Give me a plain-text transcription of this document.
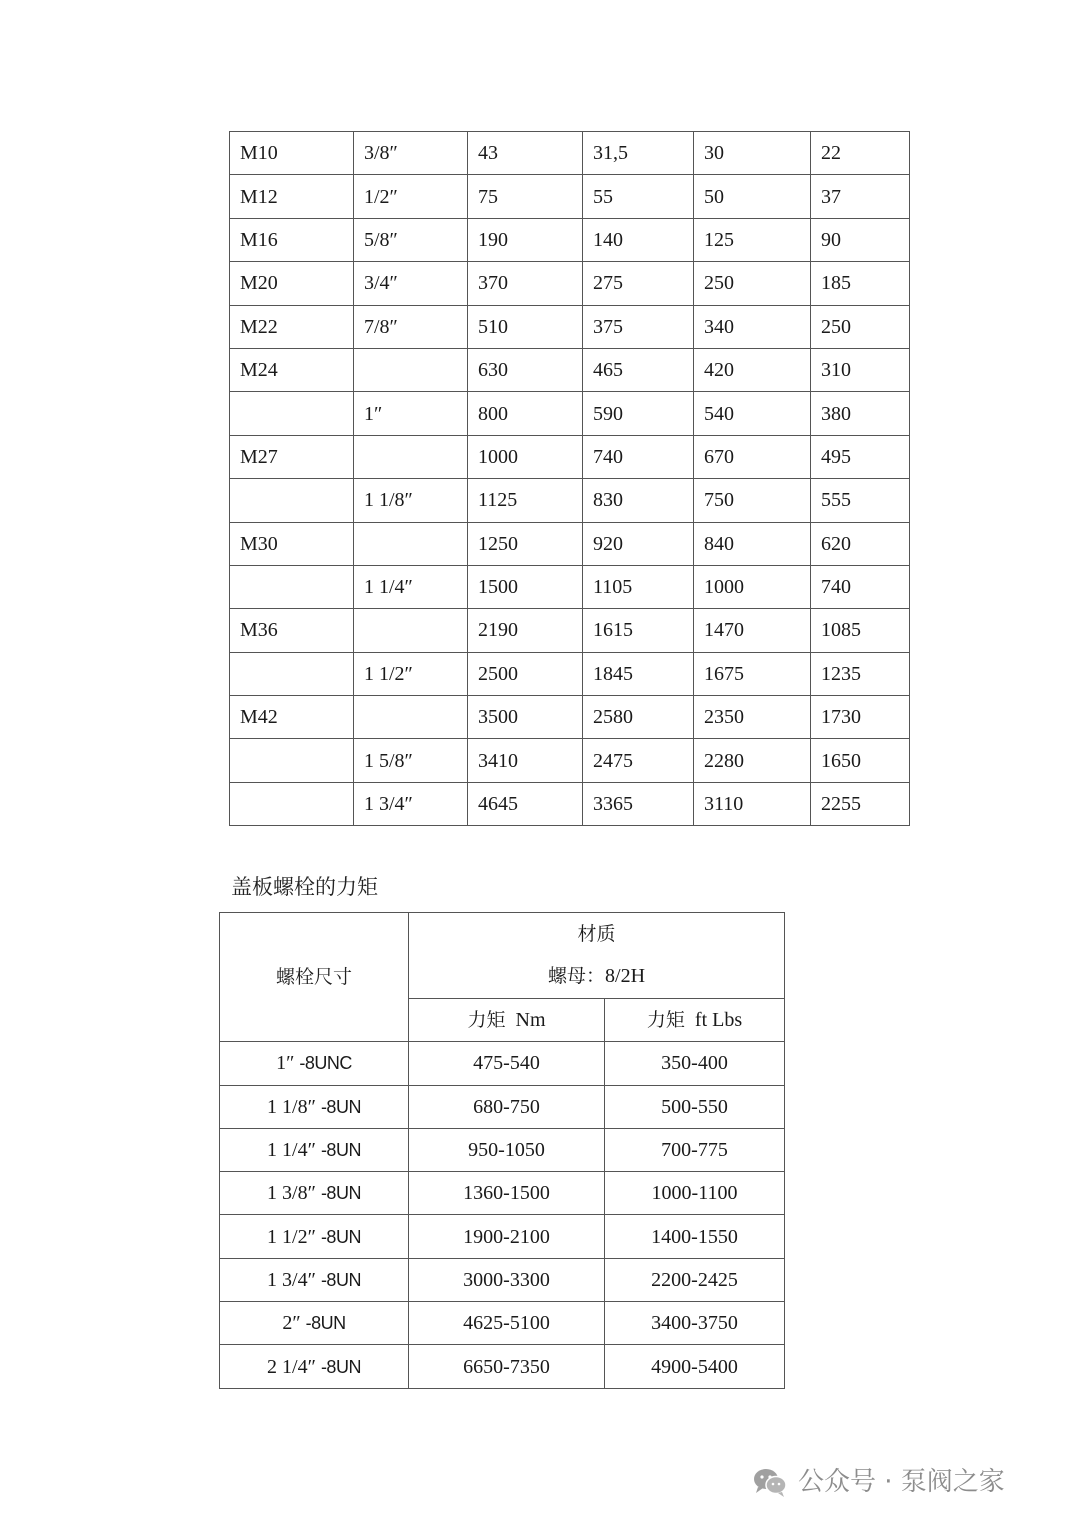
M10	3/8″	43	31,5	30	22
M12	1/2″	75	55	50	37
M16	5/8″	190	140	125	90
M20	3/4″	370	275	250	185
M22	7/8″	510	375	340	250
M24		630	465	420	310
	1″	800	590	540	380
M27		1000	740	670	495
	1 1/8″	1125	830	750	555
M30		1250	920	840	620
	1 1/4″	1500	1105	1000	740
M36		2190	1615	1470	1085
	1 1/2″	2500	1845	1675	1235
M42		3500	2580	2350	1730
	1 5/8″	3410	2475	2280	1650
	1 3/4″	4645	3365	3110	2255
盖板螺栓的力矩
螺栓尺寸	材质
螺母：8/2H	

	力矩 Nm	力矩 ft Lbs
1″ -8UNC	475-540	350-400
1 1/8″ -8UN	680-750	500-550
1 1/4″ -8UN	950-1050	700-775
1 3/8″ -8UN	1360-1500	1000-1100
1 1/2″ -8UN	1900-2100	1400-1550
1 3/4″ -8UN	3000-3300	2200-2425
2″ -8UN	4625-5100	3400-3750
2 1/4″ -8UN	6650-7350	4900-5400
公众号 · 泵阀之家
